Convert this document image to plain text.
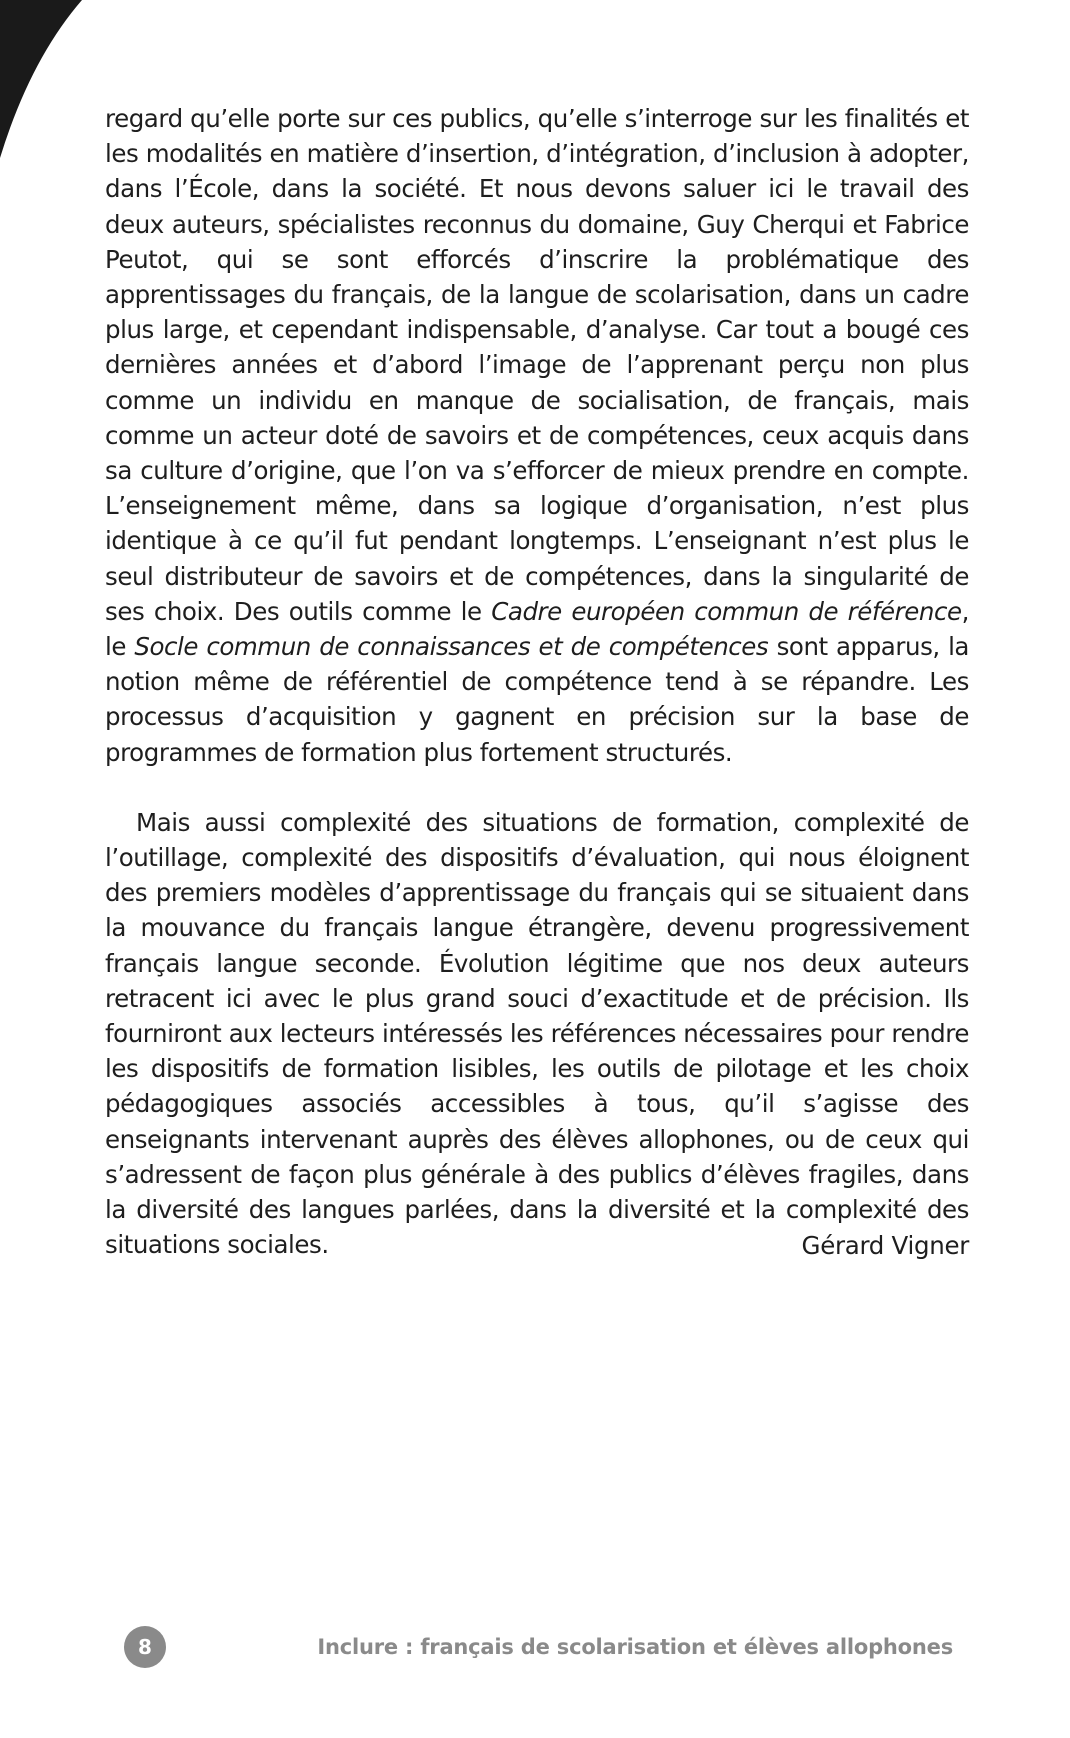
regard qu’elle porte sur ces publics, qu’elle s’interroge sur les finalités et les modalités en matière d’insertion, d’intégration, d’inclusion à adopter, dans l’École, dans la société. Et nous devons saluer ici le travail des deux auteurs, spécialistes reconnus du domaine, Guy Cherqui et Fabrice Peutot, qui se sont efforcés d’inscrire la problématique des apprentissages du français, de la langue de scolarisation, dans un cadre plus large, et cependant indispensable, d’analyse. Car tout a bougé ces dernières années et d’abord l’image de l’apprenant perçu non plus comme un individu en manque de socialisation, de français, mais comme un acteur doté de savoirs et de compétences, ceux acquis dans sa culture d’origine, que l’on va s’efforcer de mieux prendre en compte. L’enseignement même, dans sa logique d’organisation, n’est plus identique à ce qu’il fut pendant longtemps. L’enseignant n’est plus le seul distributeur de savoirs et de compétences, dans la singularité de ses choix. Des outils comme le Cadre européen commun de référence, le Socle commun de connaissances et de compétences sont apparus, la notion même de référentiel de compétence tend à se répandre. Les processus d’acquisition y gagnent en précision sur la base de programmes de formation plus fortement structurés.

Mais aussi complexité des situations de formation, complexité de l’outillage, complexité des dispositifs d’évaluation, qui nous éloignent des premiers modèles d’apprentissage du français qui se situaient dans la mouvance du français langue étrangère, devenu progressivement français langue seconde. Évolution légitime que nos deux auteurs retracent ici avec le plus grand souci d’exactitude et de précision. Ils fourniront aux lecteurs intéressés les références nécessaires pour rendre les dispositifs de formation lisibles, les outils de pilotage et les choix pédagogiques associés accessibles à tous, qu’il s’agisse des enseignants intervenant auprès des élèves allophones, ou de ceux qui s’adressent de façon plus générale à des publics d’élèves fragiles, dans la diversité des langues parlées, dans la diversité et la complexité des situations sociales.	Gérard Vigner
8	Inclure : français de scolarisation et élèves allophones
